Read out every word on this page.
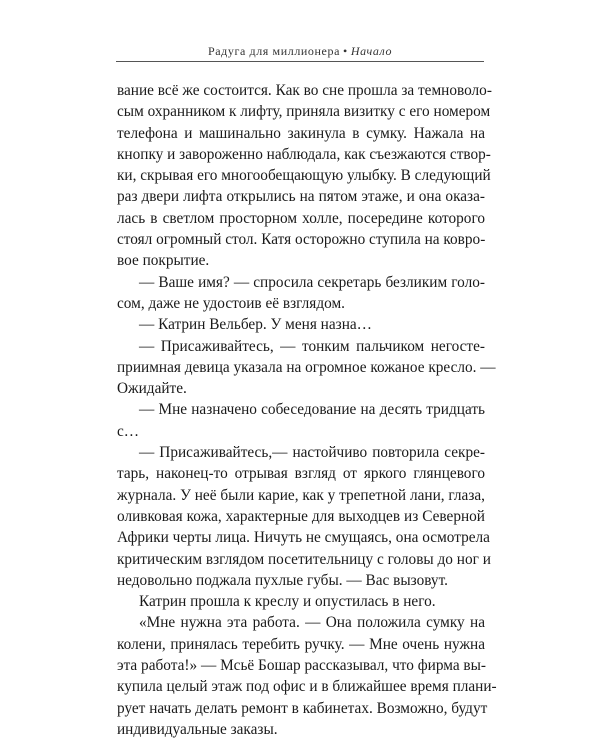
Радуга для миллионера • Начало
вание всё же состоится. Как во сне прошла за темноволо-
сым охранником к лифту, приняла визитку с его номером
телефона и машинально закинула в сумку. Нажала на
кнопку и завороженно наблюдала, как съезжаются створ-
ки, скрывая его многообещающую улыбку. В следующий
раз двери лифта открылись на пятом этаже, и она оказа-
лась в светлом просторном холле, посередине которого
стоял огромный стол. Катя осторожно ступила на ковро-
вое покрытие.
— Ваше имя? — спросила секретарь безликим голо-
сом, даже не удостоив её взглядом.
— Катрин Вельбер. У меня назна…
— Присаживайтесь, — тонким пальчиком негосте-
приимная девица указала на огромное кожаное кресло. —
Ожидайте.
— Мне назначено собеседование на десять тридцать
с…
— Присаживайтесь,— настойчиво повторила секре-
тарь, наконец-то отрывая взгляд от яркого глянцевого
журнала. У неё были карие, как у трепетной лани, глаза,
оливковая кожа, характерные для выходцев из Северной
Африки черты лица. Ничуть не смущаясь, она осмотрела
критическим взглядом посетительницу с головы до ног и
недовольно поджала пухлые губы. — Вас вызовут.
Катрин прошла к креслу и опустилась в него.
«Мне нужна эта работа. — Она положила сумку на
колени, принялась теребить ручку. — Мне очень нужна
эта работа!» — Мсьё Бошар рассказывал, что фирма вы-
купила целый этаж под офис и в ближайшее время плани-
рует начать делать ремонт в кабинетах. Возможно, будут
индивидуальные заказы.
